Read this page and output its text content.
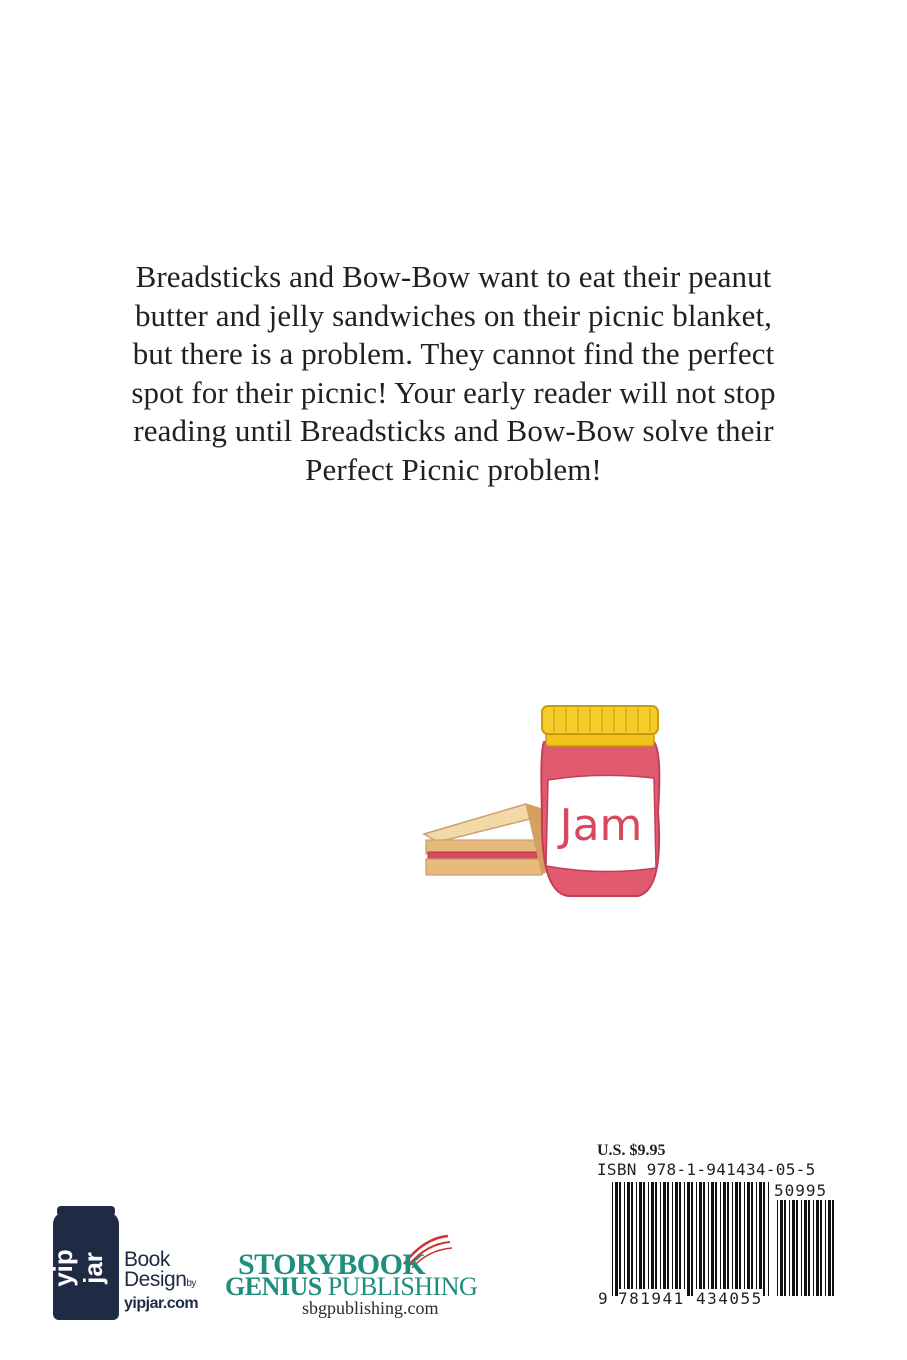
Breadsticks and Bow-Bow want to eat their peanut

butter and jelly sandwiches on their picnic blanket,

but there is a problem. They cannot find the perfect

spot for their picnic! Your early reader will not stop

reading until Breadsticks and Bow-Bow solve their

Perfect Picnic problem!

Jam
U.S. $9.95
ISBN 978-1-941434-05-5
50995
9 781941 434055
yip jar Book
Designby
yipjar.com
STORYBOOK
GENIUS PUBLISHING
sbgpublishing.com
